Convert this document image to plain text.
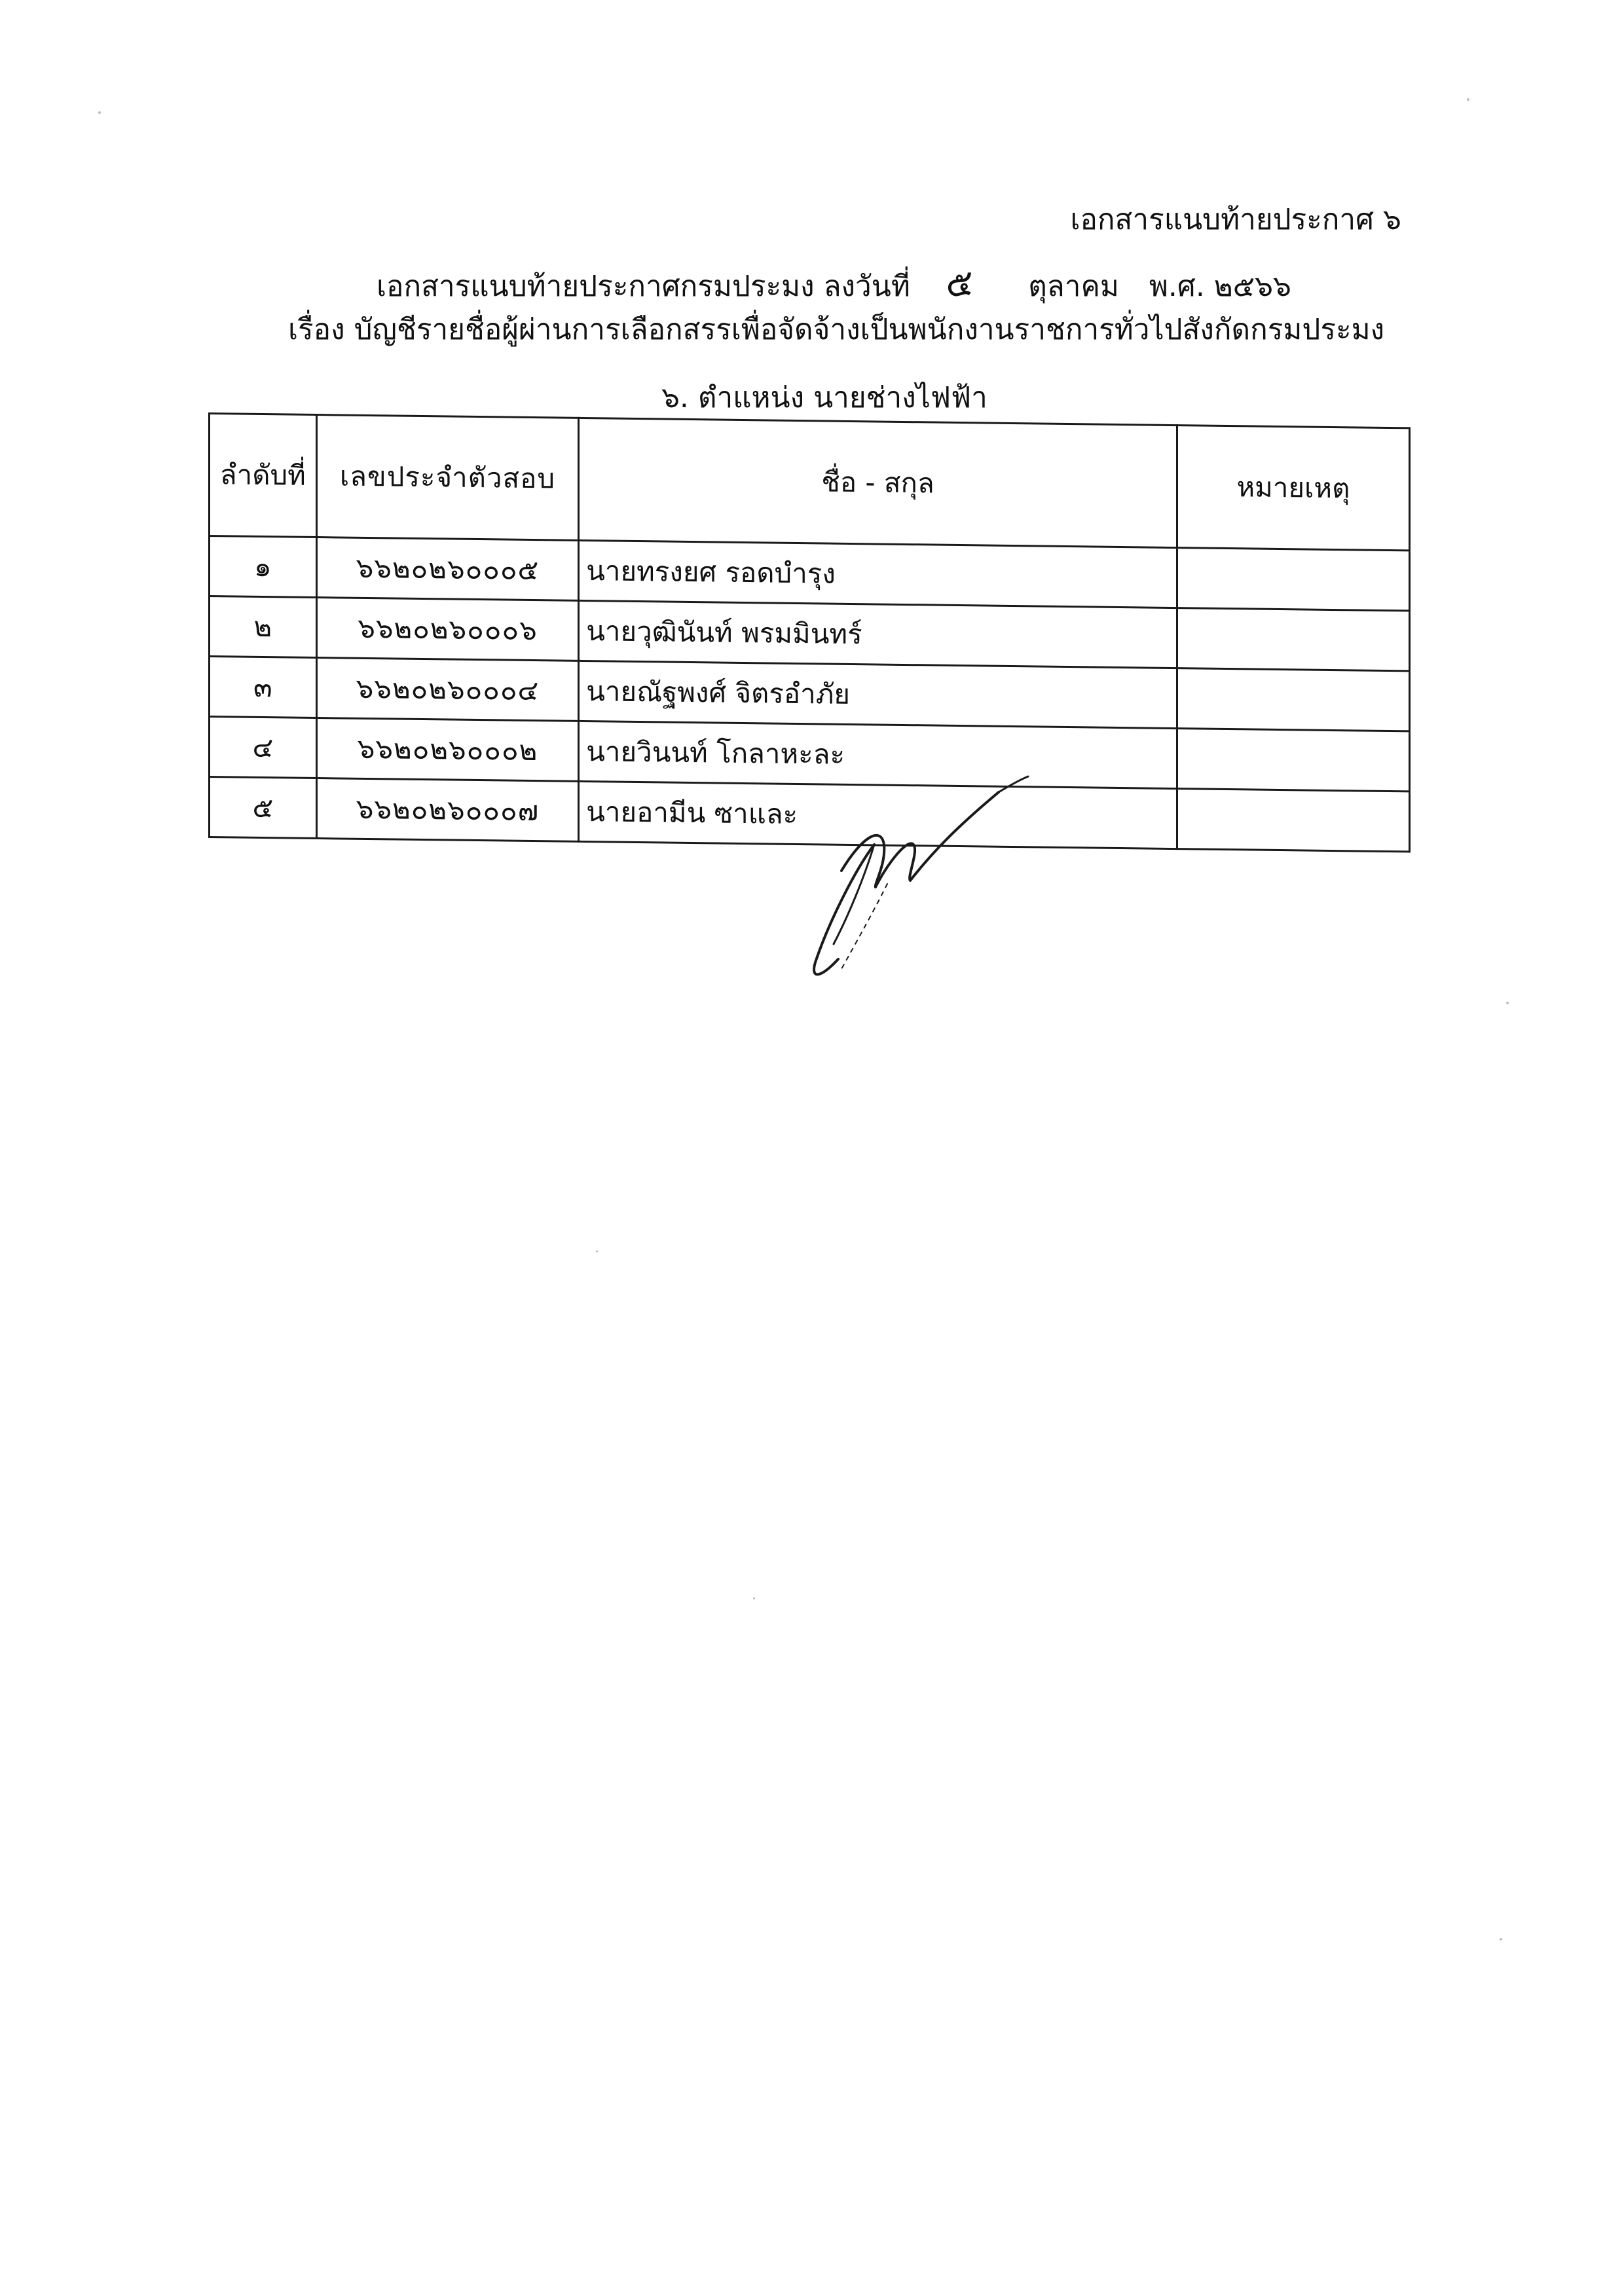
เอกสารแนบท้ายประกาศ ๖
เอกสารแนบท้ายประกาศกรมประมง ลงวันที่ ๕ ตุลาคม พ.ศ. ๒๕๖๖
เรื่อง บัญชีรายชื่อผู้ผ่านการเลือกสรรเพื่อจัดจ้างเป็นพนักงานราชการทั่วไปสังกัดกรมประมง
๖. ตำแหน่ง นายช่างไฟฟ้า
ลำดับที่	เลขประจำตัวสอบ	ชื่อ - สกุล	หมายเหตุ
๑	๖๖๒๐๒๖๐๐๐๕	นายทรงยศ รอดบำรุง	
๒	๖๖๒๐๒๖๐๐๐๖	นายวุฒินันท์ พรมมินทร์	
๓	๖๖๒๐๒๖๐๐๐๔	นายณัฐพงศ์ จิตรอำภัย	
๔	๖๖๒๐๒๖๐๐๐๒	นายวินนท์ โกลาหะละ	
๕	๖๖๒๐๒๖๐๐๐๗	นายอามีน ซาและ	
